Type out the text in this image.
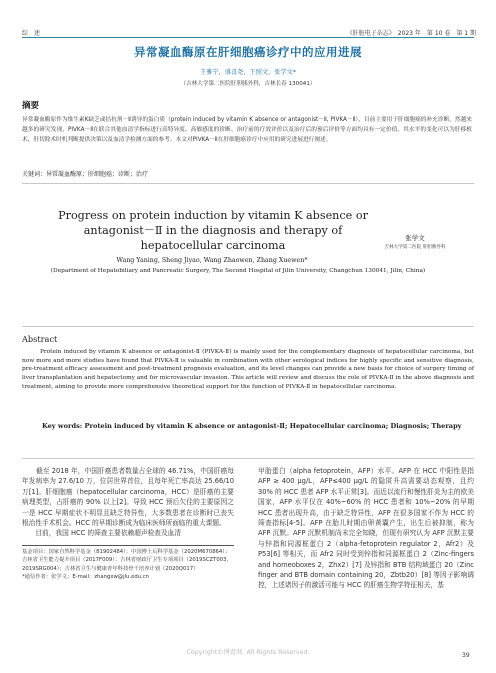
综　述	《肝脏电子杂志》　2023 年　第 10 卷　第 1 期
异常凝血酶原在肝细胞癌诊疗中的应用进展
王雅宁，盛喜尧，王照文，张学文*
（吉林大学第二医院肝胆胰外科，吉林长春 130041）
摘要
异常凝血酶原作为维生素K缺乏或拮抗剂－Ⅱ诱导的蛋白质（protein induced by vitamin K absence or antagonist－Ⅱ, PIVKA－Ⅱ），目前主要用于肝细胞癌的补充诊断。然越来越多的研究发现，PIVKA－Ⅱ在联合其他血清学指标进行高特异度、高敏感度的诊断、治疗前的疗效评价以及治疗后的预后评价等方面均具有一定价值，其水平的变化可以为肝移植术、肝切除术时机判断提供决策以及血清学检测方面的参考。本文对PIVKA－Ⅱ在肝细胞癌诊疗中应用的研究进展进行阐述。
关键词：异常凝血酶原；肝细胞癌；诊断；治疗
Progress on protein induction by vitamin K absence or antagonist－Ⅱ in the diagnosis and therapy of hepatocellular carcinoma
张学文
吉林大学第二医院 肝胆胰外科
Wang Yaning, Sheng Jiyao, Wang Zhaowen, Zhang Xuewen*
(Department of Hepatobiliary and Pancreatic Surgery, The Second Hospital of Jilin University, Changchun 130041, Jilin, China)
Abstract
Protein induced by vitamin K absence or antagonist-Ⅱ (PIVKA-Ⅱ) is mainly used for the complementary diagnosis of hepatocellular carcinoma, but now more and more studies have found that PIVKA-Ⅱ is valuable in combination with other serological indices for highly specific and sensitive diagnosis, pre-treatment efficacy assessment and post-treatment prognosis evaluation, and its level changes can provide a new basis for choice of surgery timing of liver transplantation and hepatectomy and for microvascular invasion. This article will review and discuss the role of PIVKA-Ⅱ in the above diagnosis and treatment, aiming to provide more comprehensive theoretical support for the function of PIVKA-Ⅱ in hepatocellular carcinoma.
Key words: Protein induced by vitamin K absence or antagonist-Ⅱ; Hepatocellular carcinoma; Diagnosis; Therapy
截至 2018 年，中国肝癌患者数量占全球的 46.71%，中国肝癌每年发病率为 27.6/10 万，位居世界首位，且每年死亡率高达 25.66/10 万[1]。肝细胞癌（hepatocellular carcinoma，HCC）是肝癌的主要病理类型，占肝癌的 90% 以上[2]。导致 HCC 预后欠佳的主要原因之一是 HCC 早期症状不明显且缺乏特异性，大多数患者在诊断时已丧失根治性手术机会。HCC 的早期诊断成为临床医师所面临的重大课题。
　　目前，我国 HCC 的筛查主要依赖超声检查及血清
基金项目：国家自然科学基金（81902484）；中国博士后科学基金（2020M670864）；吉林省卫生能力提升项目（2017F009）；吉林省财政厅卫生专项项目（2019SCZT003，2019SRG004）；吉林省卫生与健康青年科技骨干培养计划（2020Q017）
*通信作者：张学文；E-mail：zhangxw@jlu.edu.cn
甲胎蛋白（alpha fetoprotein，AFP）水平。AFP 在 HCC 中阳性是指 AFP ≥ 400 μg/L，AFP≤400 μg/L 的隐匿升高需要动态观察，且约 30% 的 HCC 患者 AFP 水平正常[3]。而近以流行和慢性肝炎为主的欧美国家，AFP 水平仅在 40%~60% 的 HCC 患者和 10%~20% 的早期 HCC 患者出现升高，由于缺乏特异性，AFP 在很多国家不作为 HCC 的筛查指标[4-5]。AFP 在胎儿时期由卵黄囊产生，出生后被抑制，称为 AFP 沉默。AFP 沉默机制尚未完全知晓，但现有研究认为 AFP 沉默主要与锌指和同源框蛋白 2（alpha-fetoprotein regulator 2，Afr2）及 P53[6] 等相关，而 Afr2 同时受到锌指和同源框蛋白 2（Zinc-fingers and homeoboxes 2，Zhx2）[7] 及锌指和 BTB 结构域蛋白 20（Zinc finger and BTB domain containing 20，Zbtb20）[8] 等因子影响调控，上述诸因子的激活可能与 HCC 的肝癌生物学特征相关，基
Copyright©博看网. All Rights Reserved.	39
